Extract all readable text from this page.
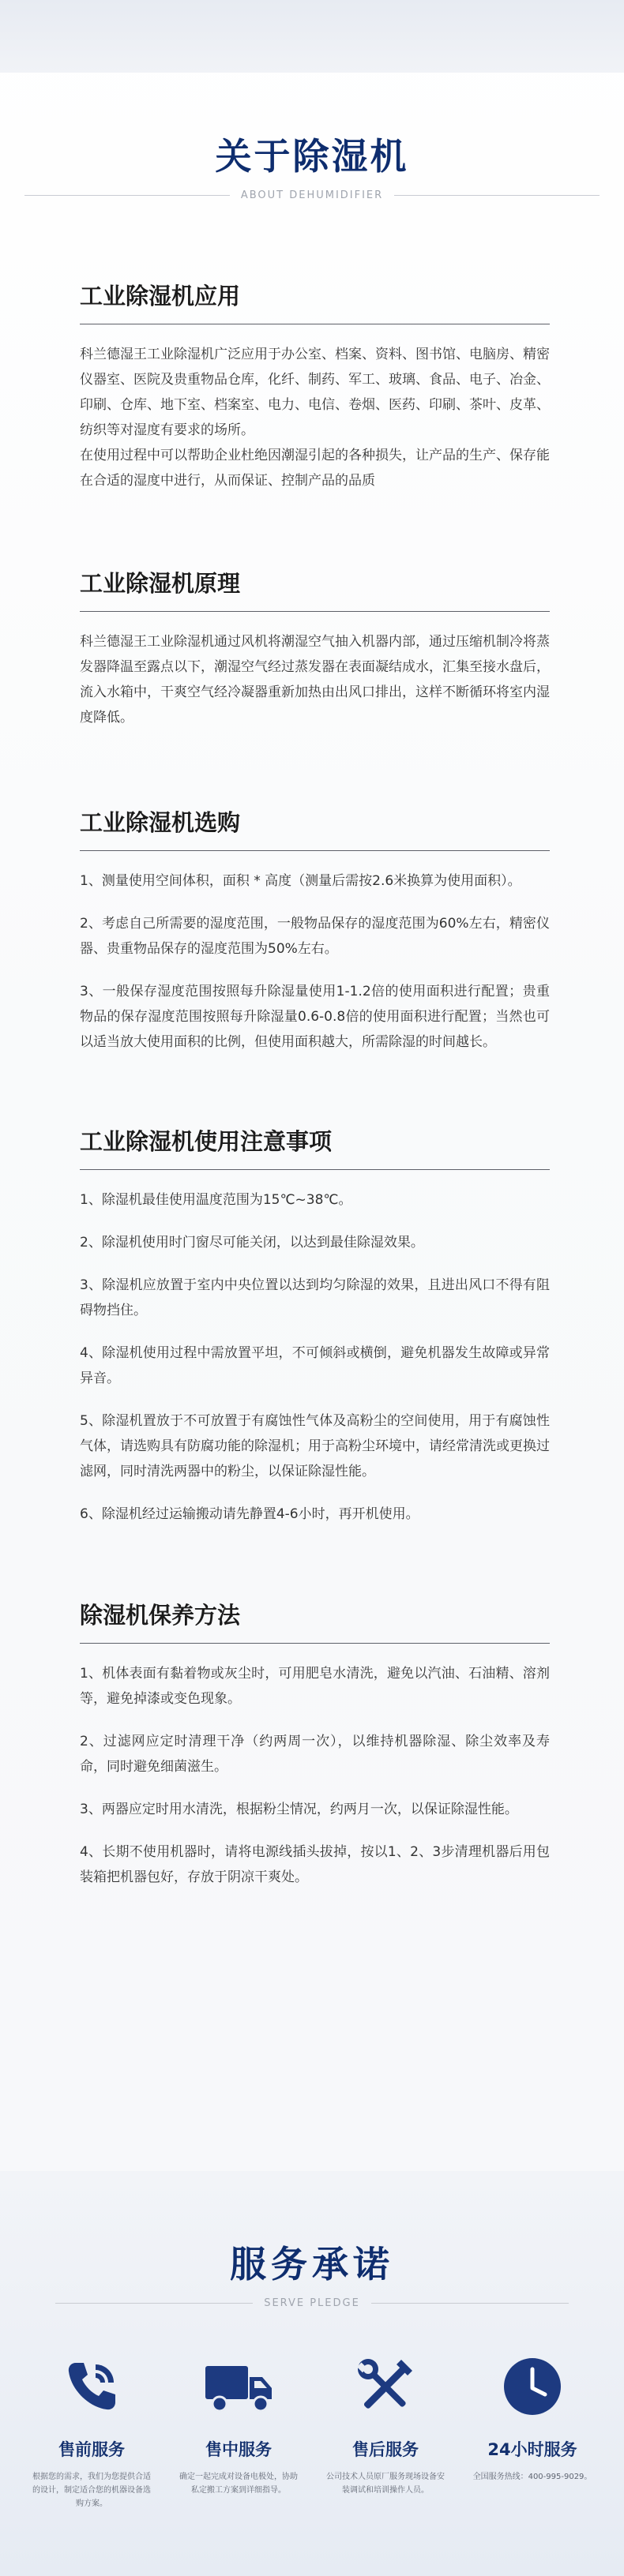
关于除湿机
ABOUT DEHUMIDIFIER
工业除湿机应用

科兰德湿王工业除湿机广泛应用于办公室、档案、资料、图书馆、电脑房、精密仪器室、医院及贵重物品仓库，化纤、制药、军工、玻璃、食品、电子、冶金、印刷、仓库、地下室、档案室、电力、电信、卷烟、医药、印刷、茶叶、皮革、纺织等对湿度有要求的场所。

在使用过程中可以帮助企业杜绝因潮湿引起的各种损失，让产品的生产、保存能在合适的湿度中进行，从而保证、控制产品的品质

工业除湿机原理

科兰德湿王工业除湿机通过风机将潮湿空气抽入机器内部，通过压缩机制冷将蒸发器降温至露点以下，潮湿空气经过蒸发器在表面凝结成水，汇集至接水盘后，流入水箱中，干爽空气经冷凝器重新加热由出风口排出，这样不断循环将室内湿度降低。

工业除湿机选购

1、测量使用空间体积，面积 * 高度（测量后需按2.6米换算为使用面积）。

2、考虑自己所需要的湿度范围，一般物品保存的湿度范围为60%左右，精密仪器、贵重物品保存的湿度范围为50%左右。

3、一般保存湿度范围按照每升除湿量使用1-1.2倍的使用面积进行配置；贵重物品的保存湿度范围按照每升除湿量0.6-0.8倍的使用面积进行配置；当然也可以适当放大使用面积的比例，但使用面积越大，所需除湿的时间越长。

工业除湿机使用注意事项

1、除湿机最佳使用温度范围为15℃~38℃。

2、除湿机使用时门窗尽可能关闭，以达到最佳除湿效果。

3、除湿机应放置于室内中央位置以达到均匀除湿的效果，且进出风口不得有阻碍物挡住。

4、除湿机使用过程中需放置平坦，不可倾斜或横倒，避免机器发生故障或异常异音。

5、除湿机置放于不可放置于有腐蚀性气体及高粉尘的空间使用，用于有腐蚀性气体，请选购具有防腐功能的除湿机；用于高粉尘环境中，请经常清洗或更换过滤网，同时清洗两器中的粉尘，以保证除湿性能。

6、除湿机经过运输搬动请先静置4-6小时，再开机使用。

除湿机保养方法

1、机体表面有黏着物或灰尘时，可用肥皂水清洗，避免以汽油、石油精、溶剂等，避免掉漆或变色现象。

2、过滤网应定时清理干净（约两周一次），以维持机器除湿、除尘效率及寿命，同时避免细菌滋生。

3、两器应定时用水清洗，根据粉尘情况，约两月一次，以保证除湿性能。

4、长期不使用机器时，请将电源线插头拔掉，按以1、2、3步清理机器后用包装箱把机器包好，存放于阴凉干爽处。

服务承诺
SERVE PLEDGE
售前服务
根据您的需求，我们为您提供合适的设计，制定适合您的机器设备选购方案。
售中服务
确定一起完成对设备电极处，协助私定搬工方案到详细指导。
售后服务
公司技术人员原厂服务现场设备安装调试和培训操作人员。
24小时服务
全国服务热线：400-995-9029。
